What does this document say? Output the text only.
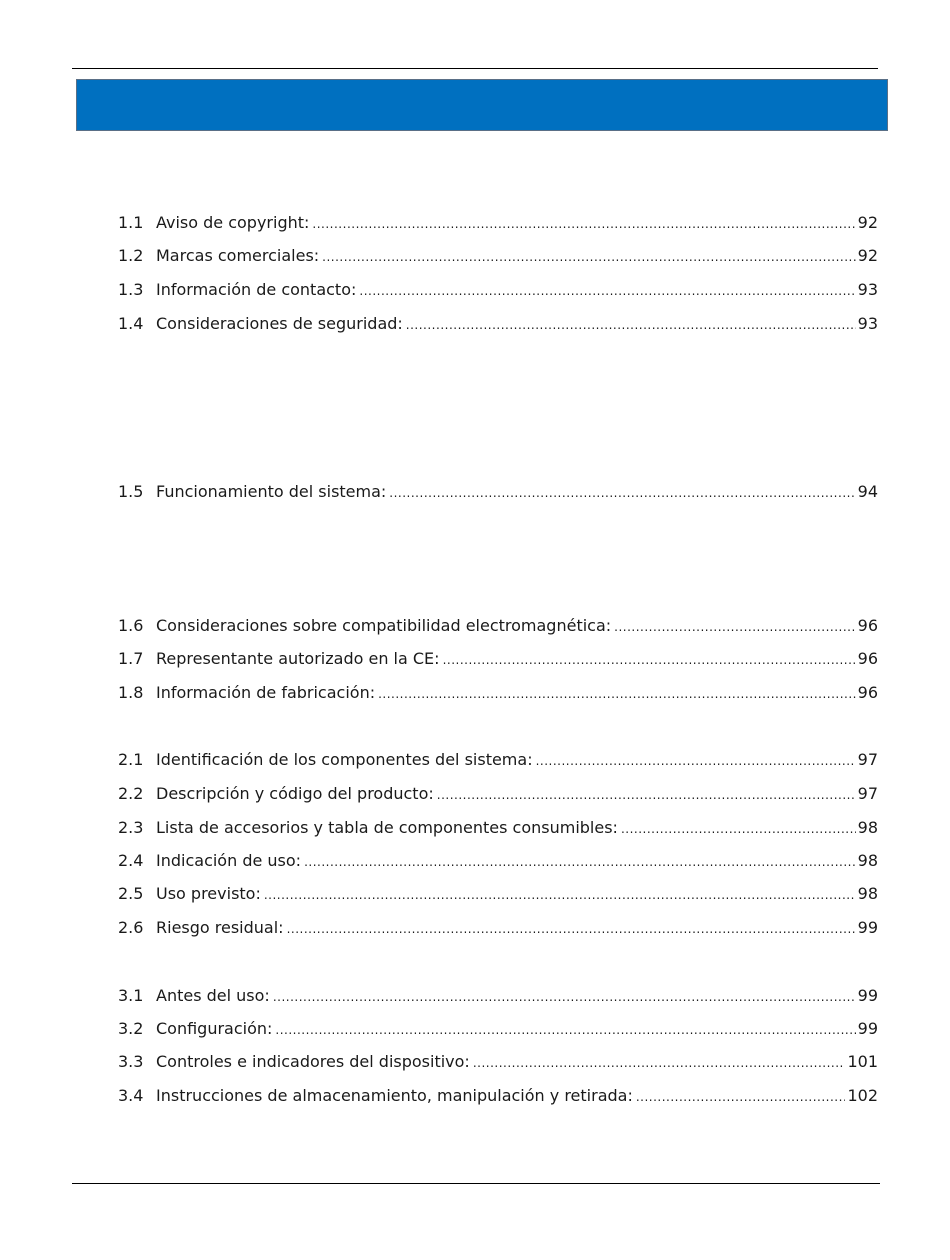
1.1 Aviso de copyright: .....	92
1.2 Marcas comerciales: .....	92
1.3 Información de contacto: .....	93
1.4 Consideraciones de seguridad: .....	93
1.5 Funcionamiento del sistema: .....	94
1.6 Consideraciones sobre compatibilidad electromagnética: .....	96
1.7 Representante autorizado en la CE: .....	96
1.8 Información de fabricación: .....	96
2.1 Identificación de los componentes del sistema: .....	97
2.2 Descripción y código del producto: .....	97
2.3 Lista de accesorios y tabla de componentes consumibles: .....	98
2.4 Indicación de uso: .....	98
2.5 Uso previsto: .....	98
2.6 Riesgo residual: .....	99
3.1 Antes del uso: .....	99
3.2 Configuración: .....	99
3.3 Controles e indicadores del dispositivo: .....	101
3.4 Instrucciones de almacenamiento, manipulación y retirada: .....	102
